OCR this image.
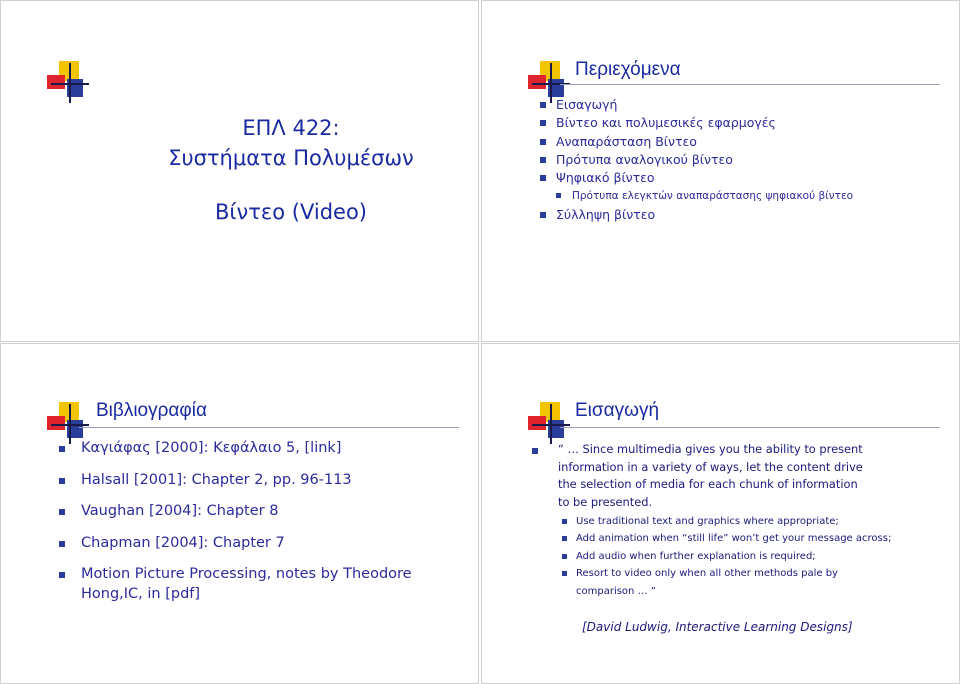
ΕΠΛ 422:
Συστήματα Πολυμέσων
Βίντεο (Video)
Περιεχόμενα
Εισαγωγή
Βίντεο και πολυμεσικές εφαρμογές
Αναπαράσταση Βίντεο
Πρότυπα αναλογικού βίντεο
Ψηφιακό βίντεο
Πρότυπα ελεγκτών αναπαράστασης ψηφιακού βίντεο
Σύλληψη βίντεο
Βιβλιογραφία
Καγιάφας [2000]: Κεφάλαιο 5, [link]
Halsall [2001]: Chapter 2, pp. 96-113
Vaughan [2004]: Chapter 8
Chapman [2004]: Chapter 7
Motion Picture Processing, notes by Theodore
Hong,IC, in [pdf]
Εισαγωγή
“ … Since multimedia gives you the ability to present
information in a variety of ways, let the content drive
the selection of media for each chunk of information
to be presented.
Use traditional text and graphics where appropriate;
Add animation when “still life” won’t get your message across;
Add audio when further explanation is required;
Resort to video only when all other methods pale by
comparison … ”
[David Ludwig, Interactive Learning Designs]
